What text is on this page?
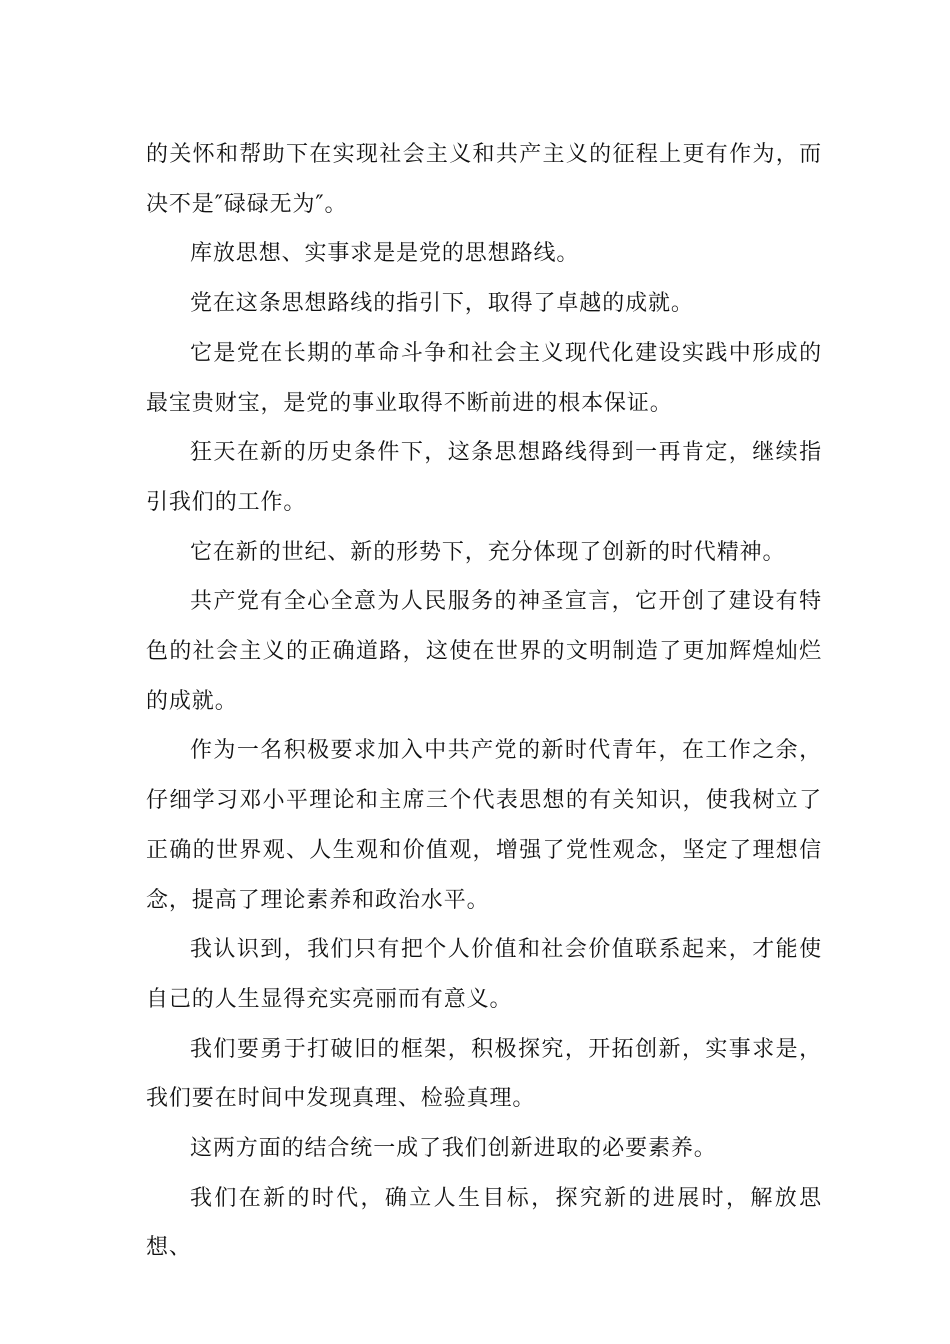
的关怀和帮助下在实现社会主义和共产主义的征程上更有作为，而决不是″碌碌无为″。

库放思想、实事求是是党的思想路线。

党在这条思想路线的指引下，取得了卓越的成就。

它是党在长期的革命斗争和社会主义现代化建设实践中形成的最宝贵财宝，是党的事业取得不断前进的根本保证。

狂天在新的历史条件下，这条思想路线得到一再肯定，继续指引我们的工作。

它在新的世纪、新的形势下，充分体现了创新的时代精神。

共产党有全心全意为人民服务的神圣宣言，它开创了建设有特色的社会主义的正确道路，这使在世界的文明制造了更加辉煌灿烂的成就。

作为一名积极要求加入中共产党的新时代青年，在工作之余，仔细学习邓小平理论和主席三个代表思想的有关知识，使我树立了正确的世界观、人生观和价值观，增强了党性观念，坚定了理想信念，提高了理论素养和政治水平。

我认识到，我们只有把个人价值和社会价值联系起来，才能使自己的人生显得充实亮丽而有意义。

我们要勇于打破旧的框架，积极探究，开拓创新，实事求是，我们要在时间中发现真理、检验真理。

这两方面的结合统一成了我们创新进取的必要素养。

我们在新的时代，确立人生目标，探究新的进展时，解放思想、
